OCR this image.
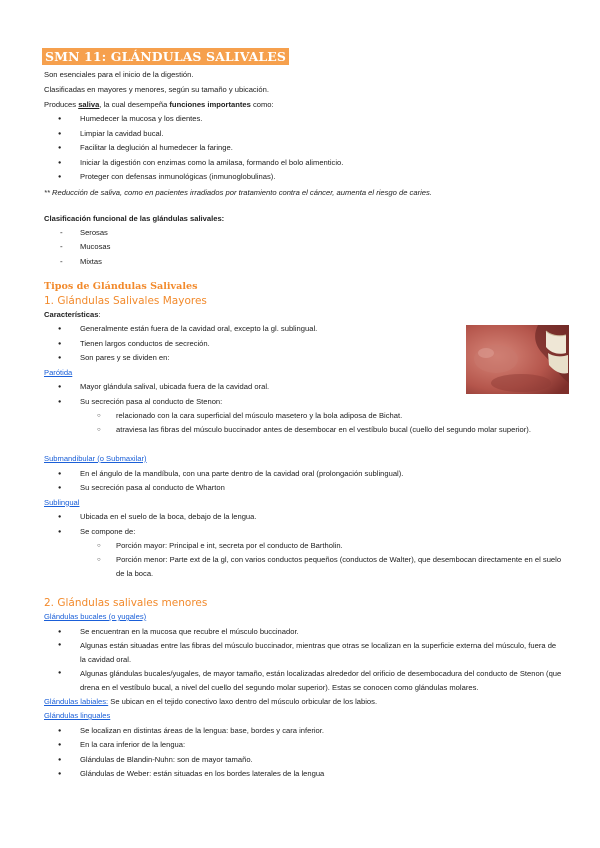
SMN 11: GLÁNDULAS SALIVALES

Son esenciales para el inicio de la digestión.

Clasificadas en mayores y menores, según su tamaño y ubicación.

Produces saliva, la cual desempeña funciones importantes como:

● Humedecer la mucosa y los dientes.
● Limpiar la cavidad bucal.
● Facilitar la deglución al humedecer la faringe.
● Iniciar la digestión con enzimas como la amilasa, formando el bolo alimenticio.
● Proteger con defensas inmunológicas (inmunoglobulinas).

** Reducción de saliva, como en pacientes irradiados por tratamiento contra el cáncer, aumenta el riesgo de caries.

Clasificación funcional de las glándulas salivales:

- Serosas
- Mucosas
- Mixtas

Tipos de Glándulas Salivales

1. Glándulas Salivales Mayores

Características:

● Generalmente están fuera de la cavidad oral, excepto la gl. sublingual.
● Tienen largos conductos de secreción.
● Son pares y se dividen en:

Parótida

● Mayor glándula salival, ubicada fuera de la cavidad oral.
● Su secreción pasa al conducto de Stenon:
○ relacionado con la cara superficial del músculo masetero y la bola adiposa de Bichat.
○ atraviesa las fibras del músculo buccinador antes de desembocar en el vestíbulo bucal (cuello del segundo molar superior).

Submandibular (o Submaxilar)

● En el ángulo de la mandíbula, con una parte dentro de la cavidad oral (prolongación sublingual).
● Su secreción pasa al conducto de Wharton

Sublingual

● Ubicada en el suelo de la boca, debajo de la lengua.
● Se compone de:
○ Porción mayor: Principal e int, secreta por el conducto de Bartholin.
○ Porción menor: Parte ext de la gl, con varios conductos pequeños (conductos de Walter), que desembocan directamente en el suelo de la boca.

2. Glándulas salivales menores

Glándulas bucales (o yugales)

● Se encuentran en la mucosa que recubre el músculo buccinador.
● Algunas están situadas entre las fibras del músculo buccinador, mientras que otras se localizan en la superficie externa del músculo, fuera de la cavidad oral.
● Algunas glándulas bucales/yugales, de mayor tamaño, están localizadas alrededor del orificio de desembocadura del conducto de Stenon (que drena en el vestíbulo bucal, a nivel del cuello del segundo molar superior). Estas se conocen como glándulas molares.

Glándulas labiales: Se ubican en el tejido conectivo laxo dentro del músculo orbicular de los labios.

Glándulas linguales

● Se localizan en distintas áreas de la lengua: base, bordes y cara inferior.
● En la cara inferior de la lengua:
● Glándulas de Blandin-Nuhn: son de mayor tamaño.
● Glándulas de Weber: están situadas en los bordes laterales de la lengua
